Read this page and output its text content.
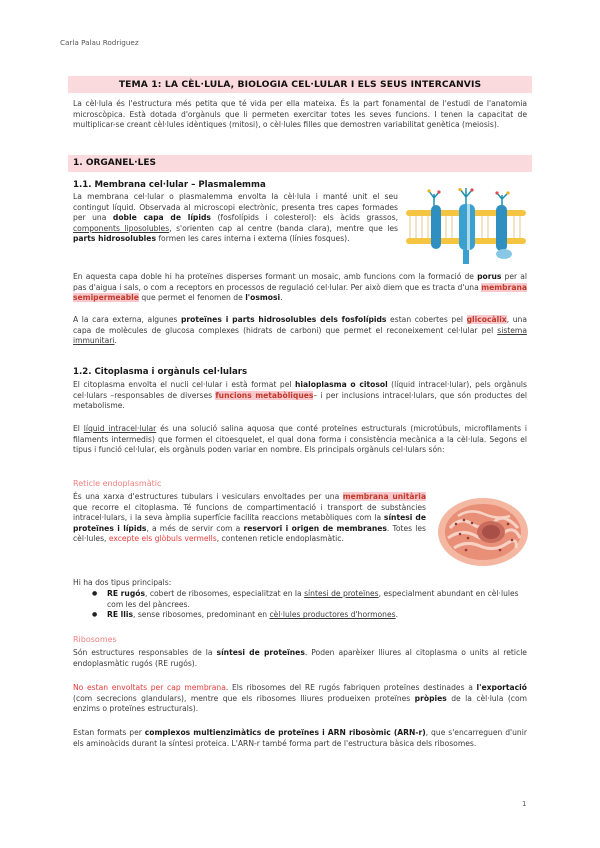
Carla Palau Rodriguez
TEMA 1: LA CÈL·LULA, BIOLOGIA CEL·LULAR I ELS SEUS INTERCANVIS

La cèl·lula és l'estructura més petita que té vida per ella mateixa. És la part fonamental de l'estudi de l'anatomia microscòpica. Està dotada d'orgànuls que li permeten exercitar totes les seves funcions. I tenen la capacitat de multiplicar-se creant cèl·lules idèntiques (mitosi), o cèl·lules filles que demostren variabilitat genètica (meiosis).

1. ORGANEL·LES
1.1. Membrana cel·lular – Plasmalemma

La membrana cel·lular o plasmalemma envolta la cèl·lula i manté unit el seu contingut líquid. Observada al microscopi electrònic, presenta tres capes formades per una doble capa de lípids (fosfolípids i colesterol): els àcids grassos, components liposolubles, s'orienten cap al centre (banda clara), mentre que les parts hidrosolubles formen les cares interna i externa (línies fosques).

En aquesta capa doble hi ha proteïnes disperses formant un mosaic, amb funcions com la formació de porus per al pas d'aigua i sals, o com a receptors en processos de regulació cel·lular. Per això diem que es tracta d'una membrana semipermeable que permet el fenomen de l'osmosi.

A la cara externa, algunes proteïnes i parts hidrosolubles dels fosfolípids estan cobertes pel glicocàlix, una capa de molècules de glucosa complexes (hidrats de carboni) que permet el reconeixement cel·lular pel sistema immunitari.

1.2. Citoplasma i orgànuls cel·lulars

El citoplasma envolta el nucli cel·lular i està format pel hialoplasma o citosol (líquid intracel·lular), pels orgànuls cel·lulars –responsables de diverses funcions metabòliques– i per inclusions intracel·lulars, que són productes del metabolisme.

El líquid intracel·lular és una solució salina aquosa que conté proteïnes estructurals (microtúbuls, microfilaments i filaments intermedis) que formen el citoesquelet, el qual dona forma i consistència mecànica a la cèl·lula. Segons el tipus i funció cel·lular, els orgànuls poden variar en nombre. Els principals orgànuls cel·lulars són:

Reticle endoplasmàtic

És una xarxa d'estructures tubulars i vesiculars envoltades per una membrana unitària que recorre el citoplasma. Té funcions de compartimentació i transport de substàncies intracel·lulars, i la seva àmplia superfície facilita reaccions metabòliques com la síntesi de proteïnes i lípids, a més de servir com a reservori i origen de membranes. Totes les cèl·lules, excepte els glòbuls vermells, contenen reticle endoplasmàtic.

Hi ha dos tipus principals:

● RE rugós, cobert de ribosomes, especialitzat en la síntesi de proteïnes, especialment abundant en cèl·lules com les del pàncrees.
● RE llis, sense ribosomes, predominant en cèl·lules productores d'hormones.
Ribosomes

Són estructures responsables de la síntesi de proteïnes. Poden aparèixer lliures al citoplasma o units al reticle endoplasmàtic rugós (RE rugós).

No estan envoltats per cap membrana. Els ribosomes del RE rugós fabriquen proteïnes destinades a l'exportació (com secrecions glandulars), mentre que els ribosomes lliures produeixen proteïnes pròpies de la cèl·lula (com enzims o proteïnes estructurals).

Estan formats per complexos multienzimàtics de proteïnes i ARN ribosòmic (ARN-r), que s'encarreguen d'unir els aminoàcids durant la síntesi proteica. L'ARN-r també forma part de l'estructura bàsica dels ribosomes.

1
